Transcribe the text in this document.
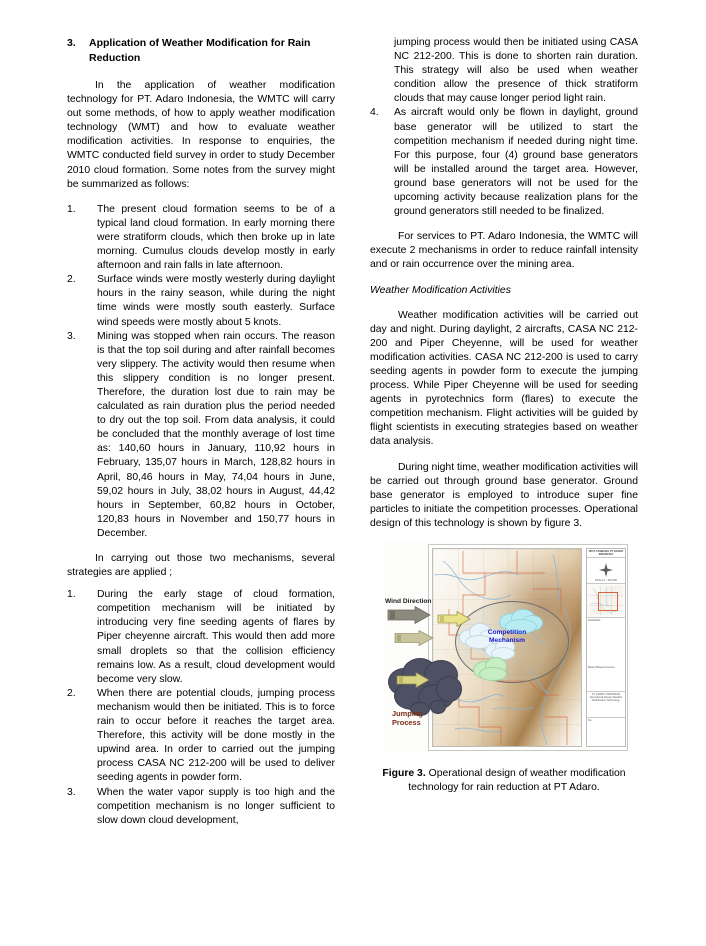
3.	Application of Weather Modification for Rain Reduction

In the application of weather modification technology for PT. Adaro Indonesia, the WMTC will carry out some methods, of how to apply weather modification technology (WMT) and how to evaluate weather modification activities. In response to enquiries, the WMTC conducted field survey in order to study December 2010 cloud formation. Some notes from the survey might be summarized as follows:

1.	The present cloud formation seems to be of a typical land cloud formation. In early morning there were stratiform clouds, which then broke up in late morning. Cumulus clouds develop mostly in early afternoon and rain falls in late afternoon.
2.	Surface winds were mostly westerly during daylight hours in the rainy season, while during the night time winds were mostly south easterly. Surface wind speeds were mostly about 5 knots.
3.	Mining was stopped when rain occurs. The reason is that the top soil during and after rainfall becomes very slippery. The activity would then resume when this slippery condition is no longer present. Therefore, the duration lost due to rain may be calculated as rain duration plus the period needed to dry out the top soil. From data analysis, it could be concluded that the monthly average of lost time as: 140,60 hours in January, 110,92 hours in February, 135,07 hours in March, 128,82 hours in April, 80,46 hours in May, 74,04 hours in June, 59,02 hours in July, 38,02 hours in August, 44,42 hours in September, 60,82 hours in October, 120,83 hours in November and 150,77 hours in December.

In carrying out those two mechanisms, several strategies are applied ;

1.	During the early stage of cloud formation, competition mechanism will be initiated by introducing very fine seeding agents of flares by Piper cheyenne aircraft. This would then add more small droplets so that the collision efficiency remains low. As a result, cloud development would become very slow.
2.	When there are potential clouds, jumping process mechanism would then be initiated. This is to force rain to occur before it reaches the target area. Therefore, this activity will be done mostly in the upwind area. In order to carried out the jumping process CASA NC 212-200 will be used to deliver seeding agents in powder form.
3.	When the water vapor supply is too high and the competition mechanism is no longer sufficient to slow down cloud development,
jumping process would then be initiated using CASA NC 212-200. This is done to shorten rain duration. This strategy will also be used when weather condition allow the presence of thick stratiform clouds that may cause longer period light rain.
4.	As aircraft would only be flown in daylight, ground base generator will be utilized to start the competition mechanism if needed during night time. For this purpose, four (4) ground base generators will be installed around the target area. However, ground base generators will not be used for the upcoming activity because realization plans for the ground generators still needed to be finalized.

For services to PT. Adaro Indonesia, the WMTC will execute 2 mechanisms in order to reduce rainfall intensity and or rain occurrence over the mining area.

Weather Modification Activities

Weather modification activities will be carried out day and night. During daylight, 2 aircrafts, CASA NC 212-200 and Piper Cheyenne, will be used for weather modification activities. CASA NC 212-200 is used to carry seeding agents in powder form to execute the jumping process. While Piper Cheyenne will be used for seeding agents in pyrotechnics form (flares) to execute the competition mechanism. Flight activities will be guided by flight scientists in executing strategies based on weather data analysis.

During night time, weather modification activities will be carried out through ground base generator. Ground base generator is employed to introduce super fine particles to initiate the competition processes. Operational design of this technology is shown by figure 3.

Competition Mechanism
PETA TAMBANG PT ADARO INDONESIA
U
SKALA 1 : 250.000
LEGENDA
Batas Wilayah Konsesi
PT. ADARO INDONESIA
Operational Design Weather Modification Technology
No.
Wind Direction
Jumping Process
Figure 3. Operational design of weather modification technology for rain reduction at PT Adaro.
